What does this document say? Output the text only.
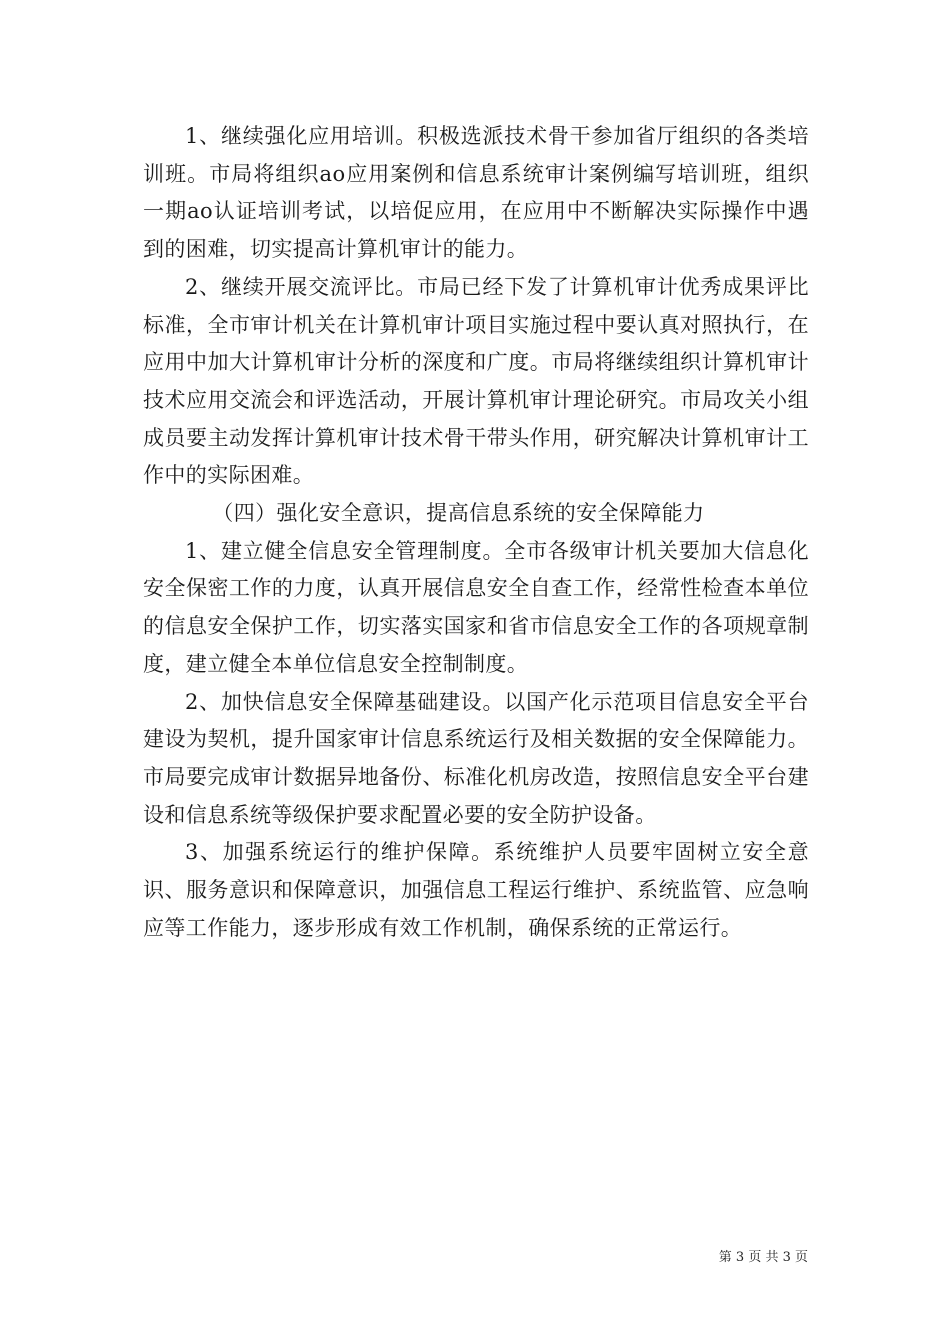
1、继续强化应用培训。积极选派技术骨干参加省厅组织的各类培训班。市局将组织ao应用案例和信息系统审计案例编写培训班，组织一期ao认证培训考试，以培促应用，在应用中不断解决实际操作中遇到的困难，切实提高计算机审计的能力。

2、继续开展交流评比。市局已经下发了计算机审计优秀成果评比标准，全市审计机关在计算机审计项目实施过程中要认真对照执行，在应用中加大计算机审计分析的深度和广度。市局将继续组织计算机审计技术应用交流会和评选活动，开展计算机审计理论研究。市局攻关小组成员要主动发挥计算机审计技术骨干带头作用，研究解决计算机审计工作中的实际困难。

（四）强化安全意识，提高信息系统的安全保障能力

1、建立健全信息安全管理制度。全市各级审计机关要加大信息化安全保密工作的力度，认真开展信息安全自查工作，经常性检查本单位的信息安全保护工作，切实落实国家和省市信息安全工作的各项规章制度，建立健全本单位信息安全控制制度。

2、加快信息安全保障基础建设。以国产化示范项目信息安全平台建设为契机，提升国家审计信息系统运行及相关数据的安全保障能力。市局要完成审计数据异地备份、标准化机房改造，按照信息安全平台建设和信息系统等级保护要求配置必要的安全防护设备。

3、加强系统运行的维护保障。系统维护人员要牢固树立安全意识、服务意识和保障意识，加强信息工程运行维护、系统监管、应急响应等工作能力，逐步形成有效工作机制，确保系统的正常运行。

第 3 页 共 3 页
